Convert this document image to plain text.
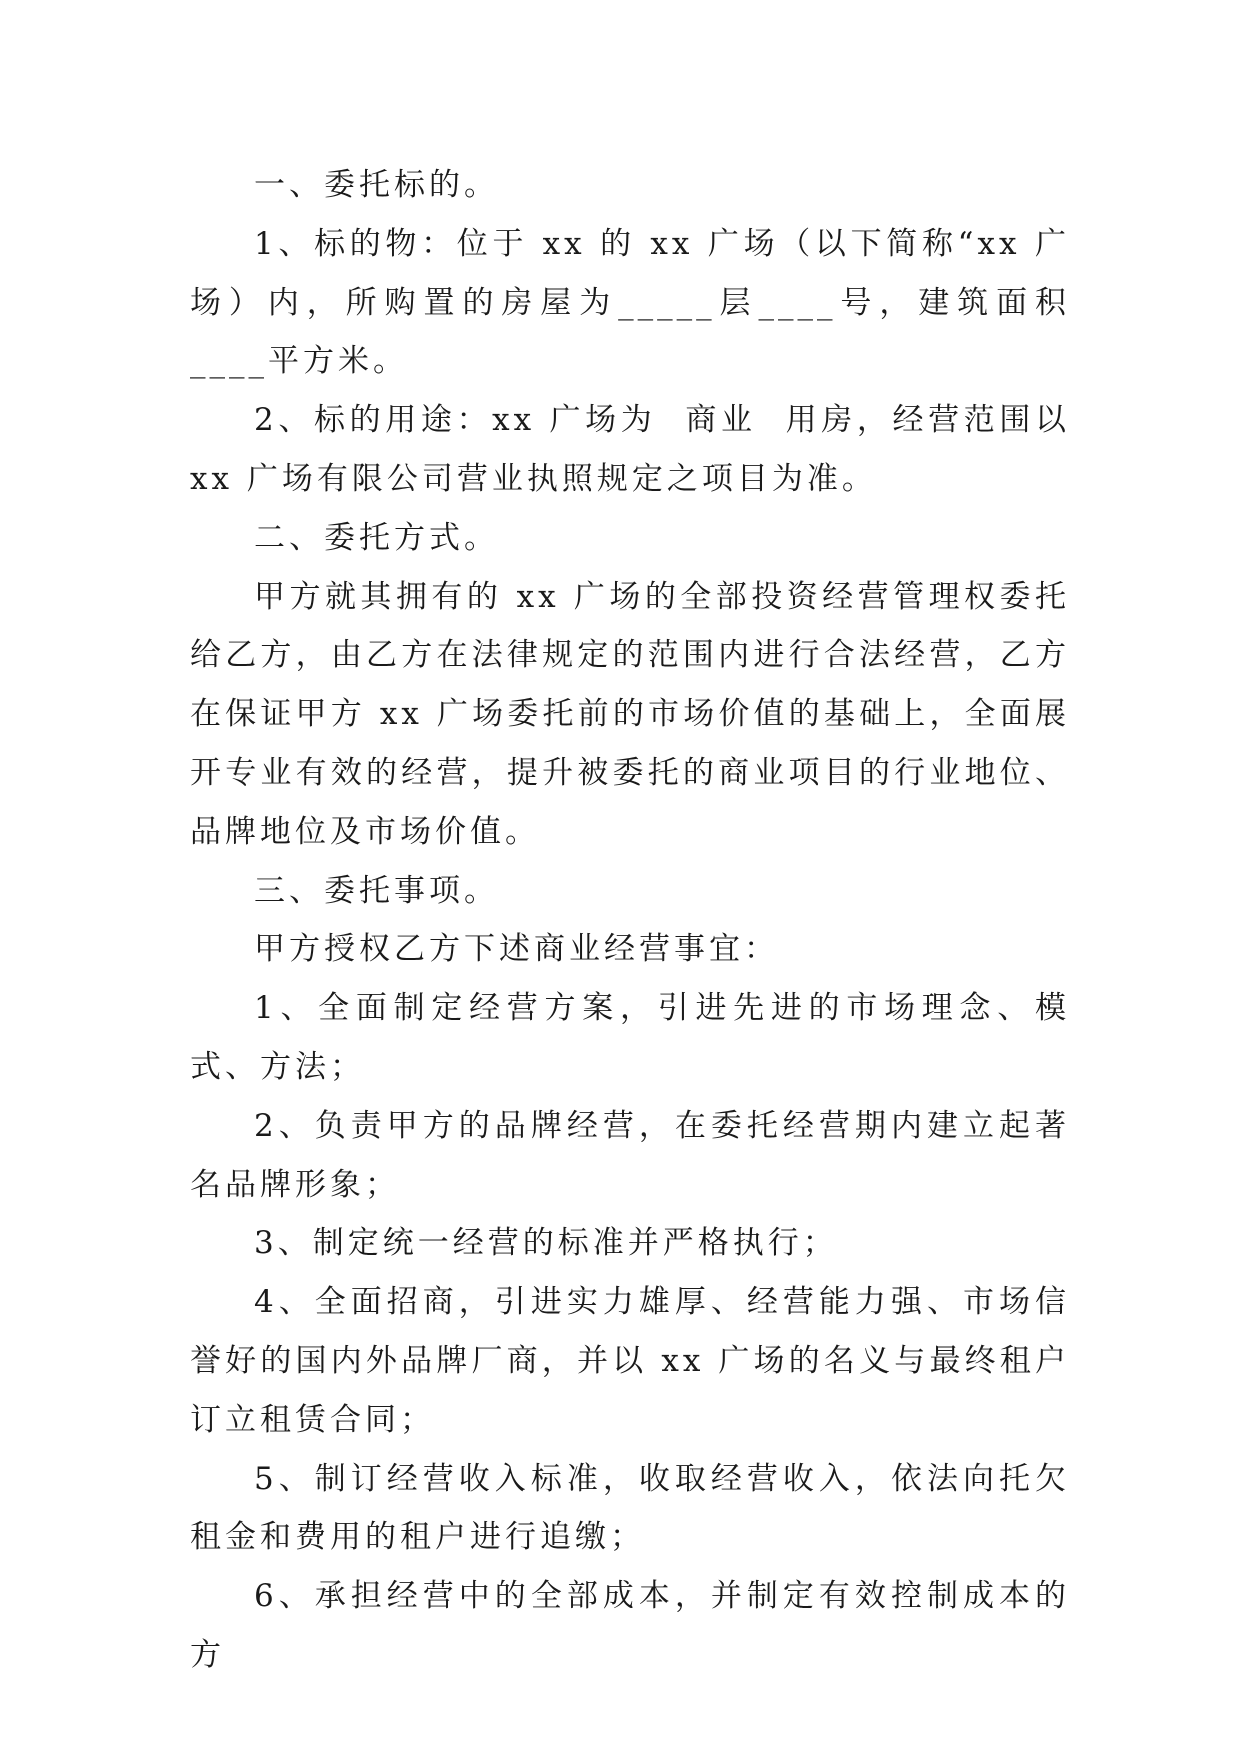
一、委托标的。

1、标的物：位于 xx 的 xx 广场（以下简称“xx 广场）内，所购置的房屋为_____层____号，建筑面积____平方米。

2、标的用途：xx 广场为  商业  用房，经营范围以 xx 广场有限公司营业执照规定之项目为准。

二、委托方式。

甲方就其拥有的 xx 广场的全部投资经营管理权委托给乙方，由乙方在法律规定的范围内进行合法经营，乙方在保证甲方 xx 广场委托前的市场价值的基础上，全面展开专业有效的经营，提升被委托的商业项目的行业地位、品牌地位及市场价值。

三、委托事项。

甲方授权乙方下述商业经营事宜：

1、全面制定经营方案，引进先进的市场理念、模式、方法；

2、负责甲方的品牌经营，在委托经营期内建立起著名品牌形象；

3、制定统一经营的标准并严格执行；

4、全面招商，引进实力雄厚、经营能力强、市场信誉好的国内外品牌厂商，并以 xx 广场的名义与最终租户订立租赁合同；

5、制订经营收入标准，收取经营收入，依法向托欠租金和费用的租户进行追缴；

6、承担经营中的全部成本，并制定有效控制成本的方
